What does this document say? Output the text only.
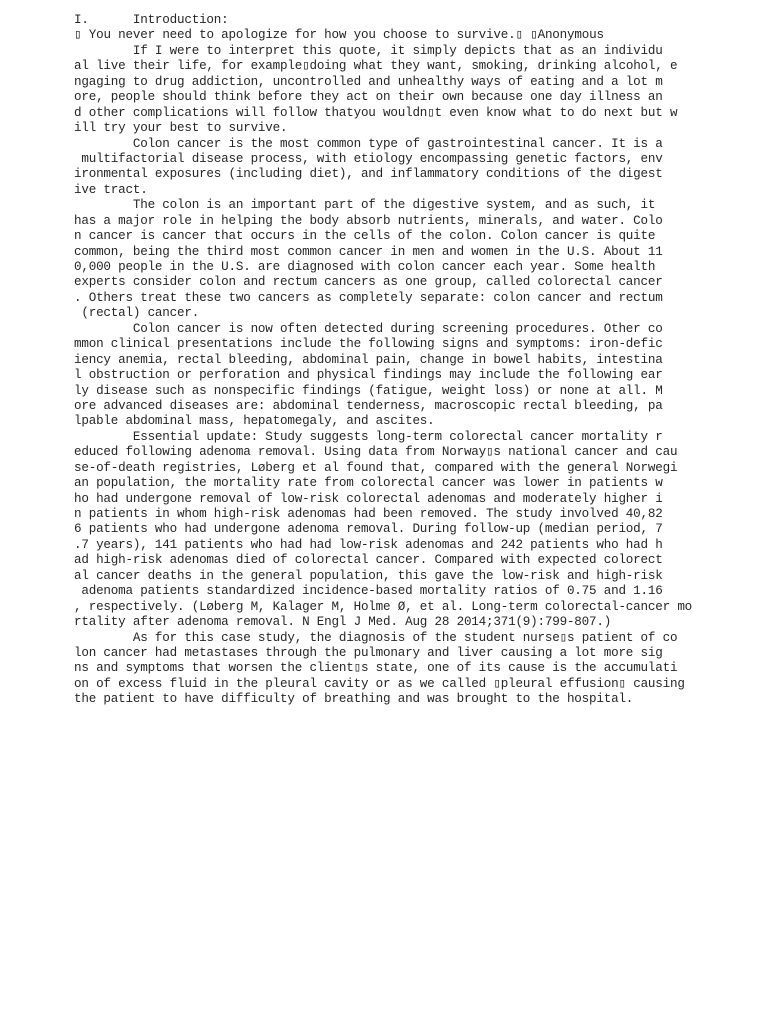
I.      Introduction:
▯ You never need to apologize for how you choose to survive.▯ ▯Anonymous
If I were to interpret this quote, it simply depicts that as an individu
al live their life, for example▯doing what they want, smoking, drinking alcohol, e
ngaging to drug addiction, uncontrolled and unhealthy ways of eating and a lot m
ore, people should think before they act on their own because one day illness an
d other complications will follow thatyou wouldn▯t even know what to do next but w
ill try your best to survive.
Colon cancer is the most common type of gastrointestinal cancer. It is a
multifactorial disease process, with etiology encompassing genetic factors, env
ironmental exposures (including diet), and inflammatory conditions of the digest
ive tract.
The colon is an important part of the digestive system, and as such, it
has a major role in helping the body absorb nutrients, minerals, and water. Colo
n cancer is cancer that occurs in the cells of the colon. Colon cancer is quite
common, being the third most common cancer in men and women in the U.S. About 11
0,000 people in the U.S. are diagnosed with colon cancer each year. Some health
experts consider colon and rectum cancers as one group, called colorectal cancer
. Others treat these two cancers as completely separate: colon cancer and rectum
(rectal) cancer.
Colon cancer is now often detected during screening procedures. Other co
mmon clinical presentations include the following signs and symptoms: iron-defic
iency anemia, rectal bleeding, abdominal pain, change in bowel habits, intestina
l obstruction or perforation and physical findings may include the following ear
ly disease such as nonspecific findings (fatigue, weight loss) or none at all. M
ore advanced diseases are: abdominal tenderness, macroscopic rectal bleeding, pa
lpable abdominal mass, hepatomegaly, and ascites.
Essential update: Study suggests long-term colorectal cancer mortality r
educed following adenoma removal. Using data from Norway▯s national cancer and cau
se-of-death registries, Løberg et al found that, compared with the general Norwegi
an population, the mortality rate from colorectal cancer was lower in patients w
ho had undergone removal of low-risk colorectal adenomas and moderately higher i
n patients in whom high-risk adenomas had been removed. The study involved 40,82
6 patients who had undergone adenoma removal. During follow-up (median period, 7
.7 years), 141 patients who had had low-risk adenomas and 242 patients who had h
ad high-risk adenomas died of colorectal cancer. Compared with expected colorect
al cancer deaths in the general population, this gave the low-risk and high-risk
adenoma patients standardized incidence-based mortality ratios of 0.75 and 1.16
, respectively. (Løberg M, Kalager M, Holme Ø, et al. Long-term colorectal-cancer mo
rtality after adenoma removal. N Engl J Med. Aug 28 2014;371(9):799-807.)
As for this case study, the diagnosis of the student nurse▯s patient of co
lon cancer had metastases through the pulmonary and liver causing a lot more sig
ns and symptoms that worsen the client▯s state, one of its cause is the accumulati
on of excess fluid in the pleural cavity or as we called ▯pleural effusion▯ causing
the patient to have difficulty of breathing and was brought to the hospital.
